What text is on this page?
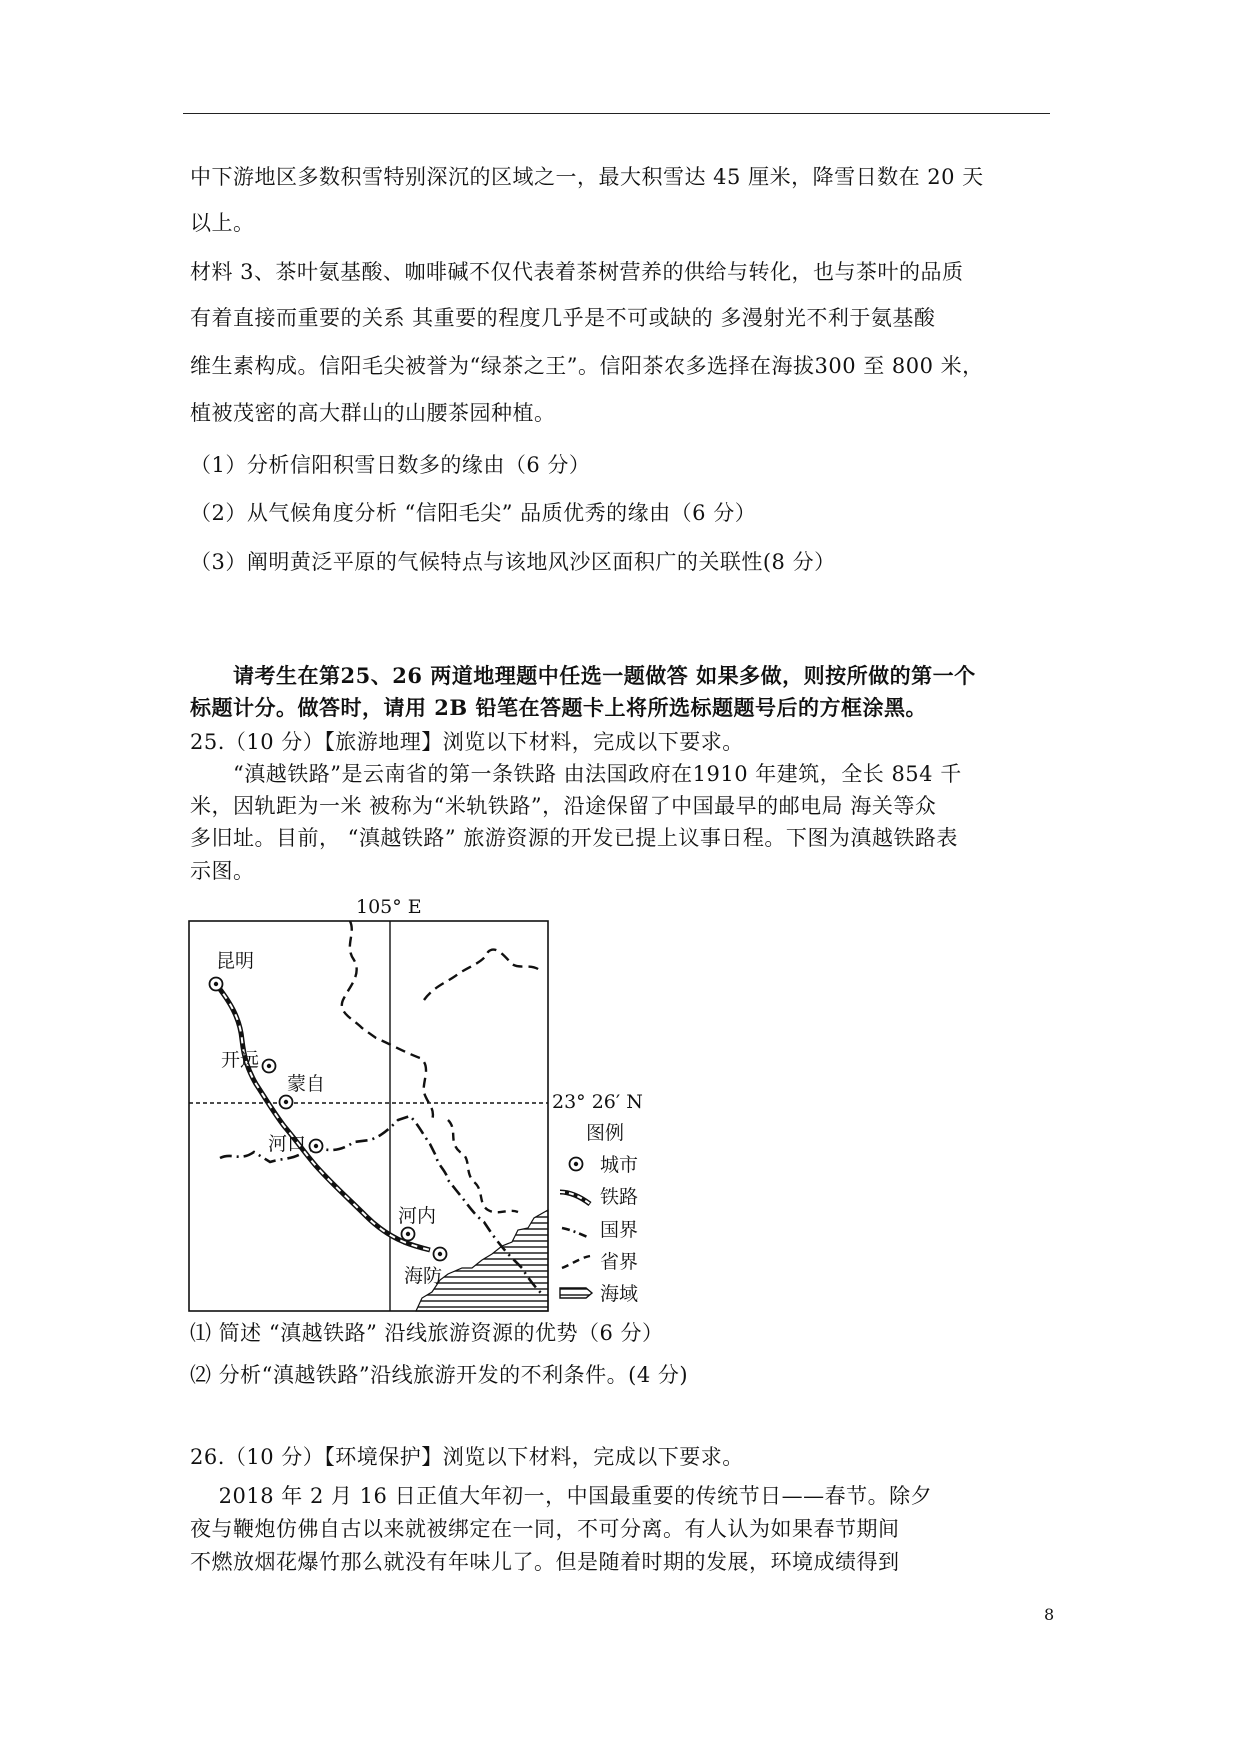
中下游地区多数积雪特别深沉的区域之一，最大积雪达 45 厘米，降雪日数在 20 天
以上。
材料 3、茶叶氨基酸、咖啡碱不仅代表着茶树营养的供给与转化，也与茶叶的品质
有着直接而重要的关系 其重要的程度几乎是不可或缺的 多漫射光不利于氨基酸
维生素构成。信阳毛尖被誉为“绿茶之王”。信阳茶农多选择在海拔300 至 800 米，
植被茂密的高大群山的山腰茶园种植。
（1）分析信阳积雪日数多的缘由（6 分）
（2）从气候角度分析 “信阳毛尖” 品质优秀的缘由（6 分）
（3）阐明黄泛平原的气候特点与该地风沙区面积广的关联性(8 分）
　　请考生在第25、26 两道地理题中任选一题做答 如果多做，则按所做的第一个
标题计分。做答时，请用 2B 铅笔在答题卡上将所选标题题号后的方框涂黑。
25.（10 分）【旅游地理】浏览以下材料，完成以下要求。
　　“滇越铁路”是云南省的第一条铁路 由法国政府在1910 年建筑，全长 854 千
米，因轨距为一米 被称为“米轨铁路”，沿途保留了中国最早的邮电局 海关等众
多旧址。目前， “滇越铁路” 旅游资源的开发已提上议事日程。下图为滇越铁路表
示图。
⑴ 简述 “滇越铁路” 沿线旅游资源的优势（6 分）
⑵ 分析“滇越铁路”沿线旅游开发的不利条件。(4 分)
26.（10 分）【环境保护】浏览以下材料，完成以下要求。
　 2018 年 2 月 16 日正值大年初一，中国最重要的传统节日——春节。除夕
夜与鞭炮仿佛自古以来就被绑定在一同，不可分离。有人认为如果春节期间
不燃放烟花爆竹那么就没有年味儿了。但是随着时期的发展，环境成绩得到
105° E
23° 26′ N
昆明
开远
蒙自
河口
河内
海防
图例
城市
铁路
国界
省界
海域
8
